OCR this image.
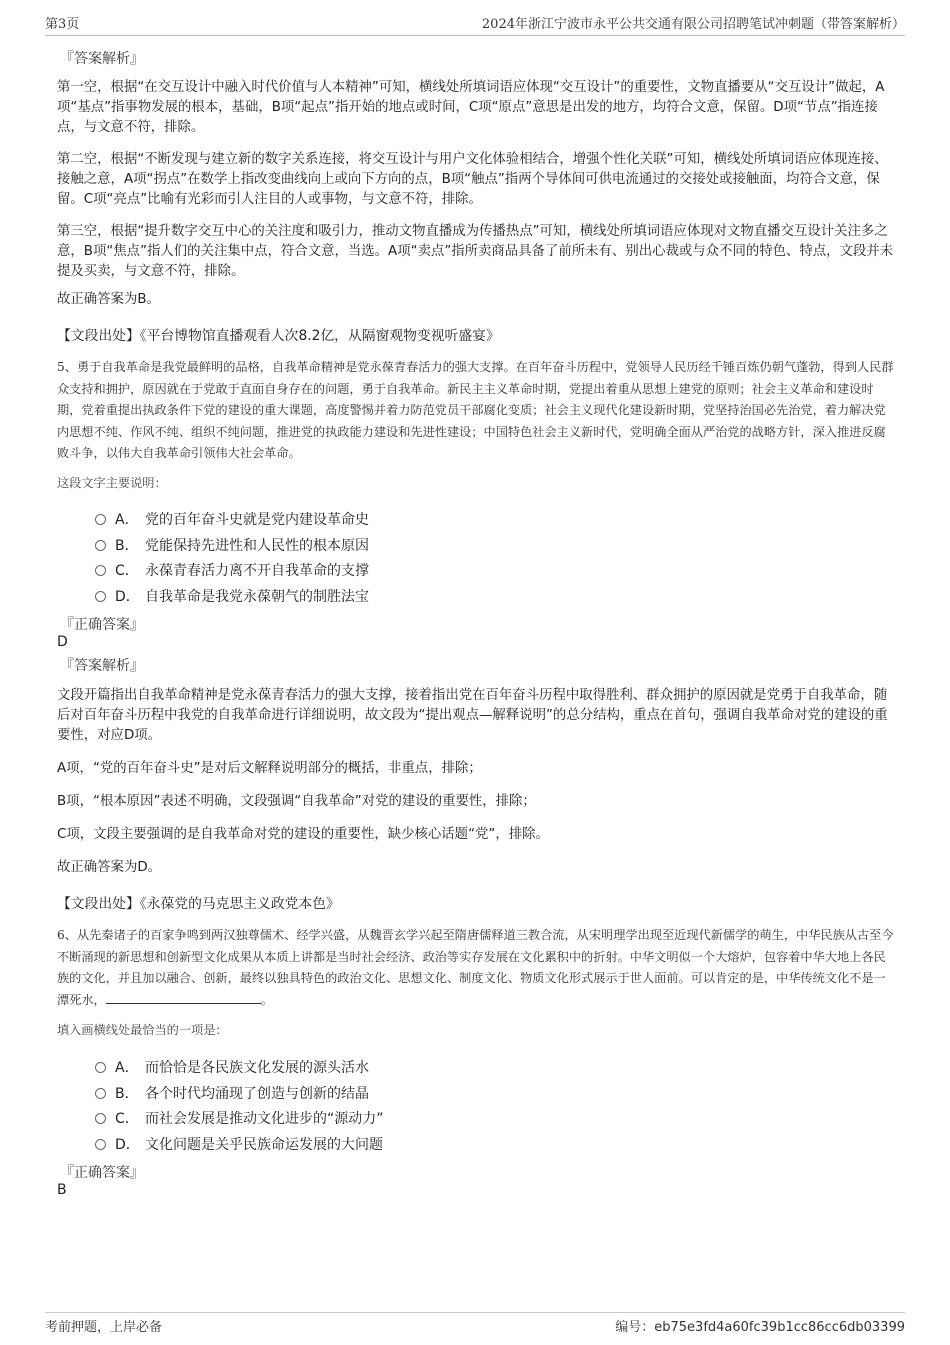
第3页	2024年浙江宁波市永平公共交通有限公司招聘笔试冲刺题（带答案解析）
『答案解析』

第一空，根据“在交互设计中融入时代价值与人本精神”可知，横线处所填词语应体现“交互设计”的重要性，文物直播要从“交互设计”做起，A项“基点”指事物发展的根本，基础，B项“起点”指开始的地点或时间，C项“原点”意思是出发的地方，均符合文意，保留。D项“节点”指连接点，与文意不符，排除。

第二空，根据“不断发现与建立新的数字关系连接，将交互设计与用户文化体验相结合，增强个性化关联”可知，横线处所填词语应体现连接、接触之意，A项“拐点”在数学上指改变曲线向上或向下方向的点，B项“触点”指两个导体间可供电流通过的交接处或接触面，均符合文意，保留。C项“亮点”比喻有光彩而引人注目的人或事物，与文意不符，排除。

第三空，根据“提升数字交互中心的关注度和吸引力，推动文物直播成为传播热点”可知，横线处所填词语应体现对文物直播交互设计关注多之意，B项“焦点”指人们的关注集中点，符合文意，当选。A项“卖点”指所卖商品具备了前所未有、别出心裁或与众不同的特色、特点，文段并未提及买卖，与文意不符，排除。

故正确答案为B。
【文段出处】《平台博物馆直播观看人次8.2亿，从隔窗观物变视听盛宴》

5、勇于自我革命是我党最鲜明的品格，自我革命精神是党永葆青春活力的强大支撑。在百年奋斗历程中，党领导人民历经千锤百炼仍朝气蓬勃，得到人民群众支持和拥护，原因就在于党敢于直面自身存在的问题，勇于自我革命。新民主主义革命时期，党提出着重从思想上建党的原则；社会主义革命和建设时期，党着重提出执政条件下党的建设的重大课题，高度警惕并着力防范党员干部腐化变质；社会主义现代化建设新时期，党坚持治国必先治党，着力解决党内思想不纯、作风不纯、组织不纯问题，推进党的执政能力建设和先进性建设；中国特色社会主义新时代，党明确全面从严治党的战略方针，深入推进反腐败斗争，以伟大自我革命引领伟大社会革命。

这段文字主要说明：
A． 党的百年奋斗史就是党内建设革命史
B． 党能保持先进性和人民性的根本原因
C． 永葆青春活力离不开自我革命的支撑
D． 自我革命是我党永葆朝气的制胜法宝
『正确答案』
D
『答案解析』

文段开篇指出自我革命精神是党永葆青春活力的强大支撑，接着指出党在百年奋斗历程中取得胜利、群众拥护的原因就是党勇于自我革命，随后对百年奋斗历程中我党的自我革命进行详细说明，故文段为“提出观点—解释说明”的总分结构，重点在首句，强调自我革命对党的建设的重要性，对应D项。

A项，“党的百年奋斗史”是对后文解释说明部分的概括，非重点，排除；

B项，“根本原因”表述不明确，文段强调“自我革命”对党的建设的重要性，排除；

C项，文段主要强调的是自我革命对党的建设的重要性，缺少核心话题“党”，排除。

故正确答案为D。
【文段出处】《永葆党的马克思主义政党本色》

6、从先秦诸子的百家争鸣到两汉独尊儒术、经学兴盛，从魏晋玄学兴起至隋唐儒释道三教合流，从宋明理学出现至近现代新儒学的萌生，中华民族从古至今不断涌现的新思想和创新型文化成果从本质上讲都是当时社会经济、政治等实存发展在文化累积中的折射。中华文明似一个大熔炉，包容着中华大地上各民族的文化，并且加以融合、创新，最终以独具特色的政治文化、思想文化、制度文化、物质文化形式展示于世人面前。可以肯定的是，中华传统文化不是一潭死水，	。

填入画横线处最恰当的一项是：
A． 而恰恰是各民族文化发展的源头活水
B． 各个时代均涌现了创造与创新的结晶
C． 而社会发展是推动文化进步的“源动力”
D． 文化问题是关乎民族命运发展的大问题
『正确答案』
B
考前押题，上岸必备	编号：eb75e3fd4a60fc39b1cc86cc6db03399
